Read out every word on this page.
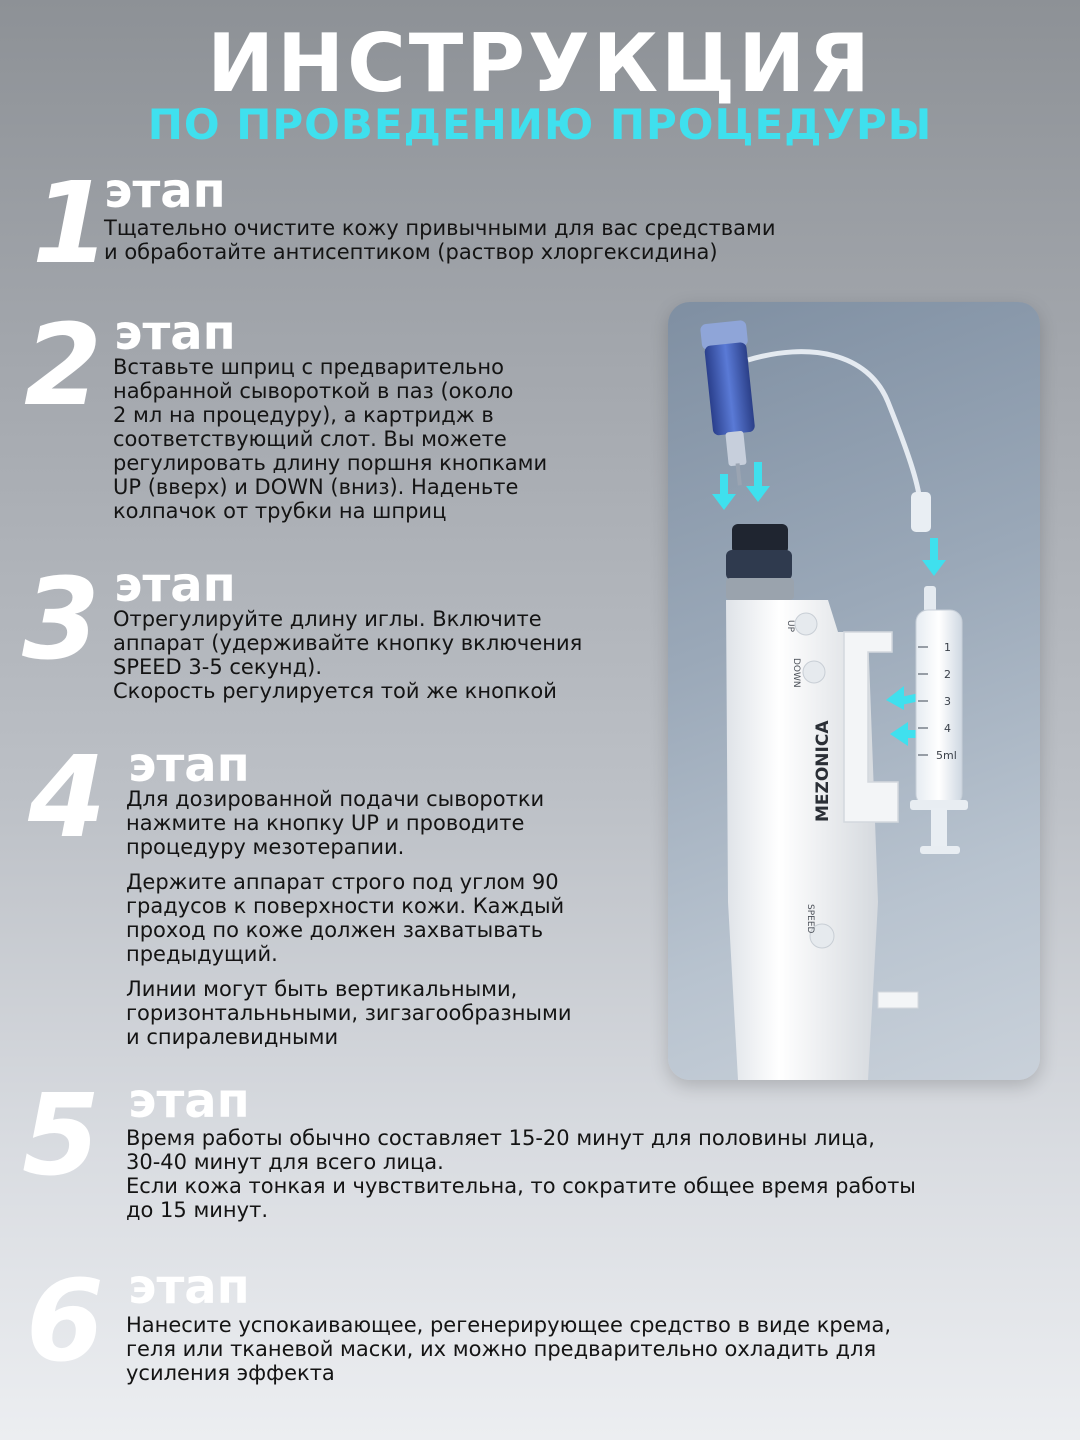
ИНСТРУКЦИЯ
ПО ПРОВЕДЕНИЮ ПРОЦЕДУРЫ
1
этап
Тщательно очистите кожу привычными для вас средствами
и обработайте антисептиком (раствор хлоргексидина)
2 этап
Вставьте шприц с предварительно
набранной сывороткой в паз (около
2 мл на процедуру), а картридж в
соответствующий слот. Вы можете
регулировать длину поршня кнопками
UP (вверх) и DOWN (вниз). Наденьте
колпачок от трубки на шприц
3 этап
Отрегулируйте длину иглы. Включите
аппарат (удерживайте кнопку включения
SPEED 3-5 секунд).
Скорость регулируется той же кнопкой
4 этап
Для дозированной подачи сыворотки
нажмите на кнопку UP и проводите
процедуру мезотерапии.
Держите аппарат строго под углом 90
градусов к поверхности кожи. Каждый
проход по коже должен захватывать
предыдущий.
Линии могут быть вертикальными,
горизонтальньными, зигзагообразными
и спиралевидными
5 этап
Время работы обычно составляет 15-20 минут для половины лица,
30-40 минут для всего лица.
Если кожа тонкая и чувствительна, то сократите общее время работы
до 15 минут.
6 этап
Нанесите успокаивающее, регенерирующее средство в виде крема,
геля или тканевой маски, их можно предварительно охладить для
усиления эффекта
UP
DOWN
SPEED
MEZONICA
1
2
3
4
5ml
